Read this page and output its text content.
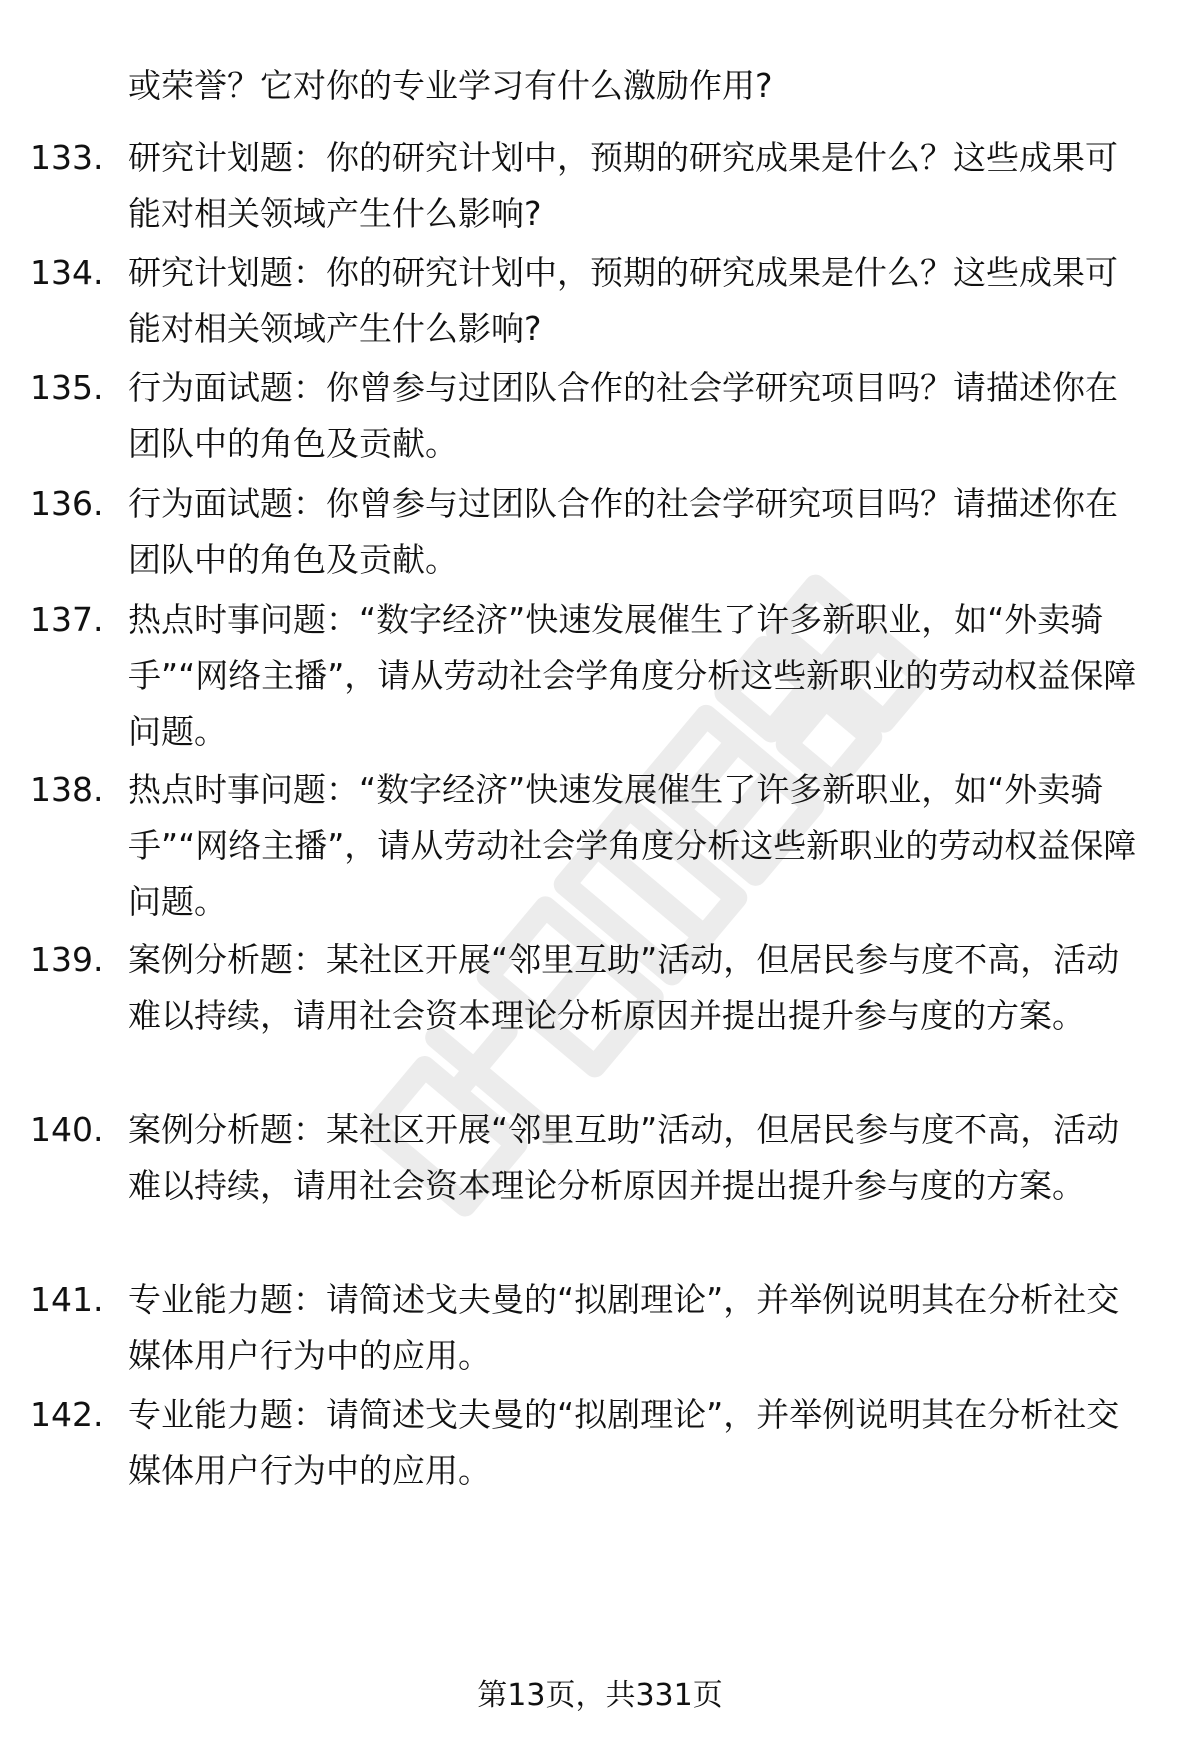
或荣誉？它对你的专业学习有什么激励作用?

133. 研究计划题：你的研究计划中，预期的研究成果是什么？这些成果可能对相关领域产生什么影响?
134. 研究计划题：你的研究计划中，预期的研究成果是什么？这些成果可能对相关领域产生什么影响?
135. 行为面试题：你曾参与过团队合作的社会学研究项目吗？请描述你在团队中的角色及贡献。
136. 行为面试题：你曾参与过团队合作的社会学研究项目吗？请描述你在团队中的角色及贡献。
137. 热点时事问题：“数字经济”快速发展催生了许多新职业，如“外卖骑手”“网络主播”，请从劳动社会学角度分析这些新职业的劳动权益保障问题。
138. 热点时事问题：“数字经济”快速发展催生了许多新职业，如“外卖骑手”“网络主播”，请从劳动社会学角度分析这些新职业的劳动权益保障问题。
139. 案例分析题：某社区开展“邻里互助”活动，但居民参与度不高，活动难以持续，请用社会资本理论分析原因并提出提升参与度的方案。
140. 案例分析题：某社区开展“邻里互助”活动，但居民参与度不高，活动难以持续，请用社会资本理论分析原因并提出提升参与度的方案。
141. 专业能力题：请简述戈夫曼的“拟剧理论”，并举例说明其在分析社交媒体用户行为中的应用。
142. 专业能力题：请简述戈夫曼的“拟剧理论”，并举例说明其在分析社交媒体用户行为中的应用。
第13页，共331页
